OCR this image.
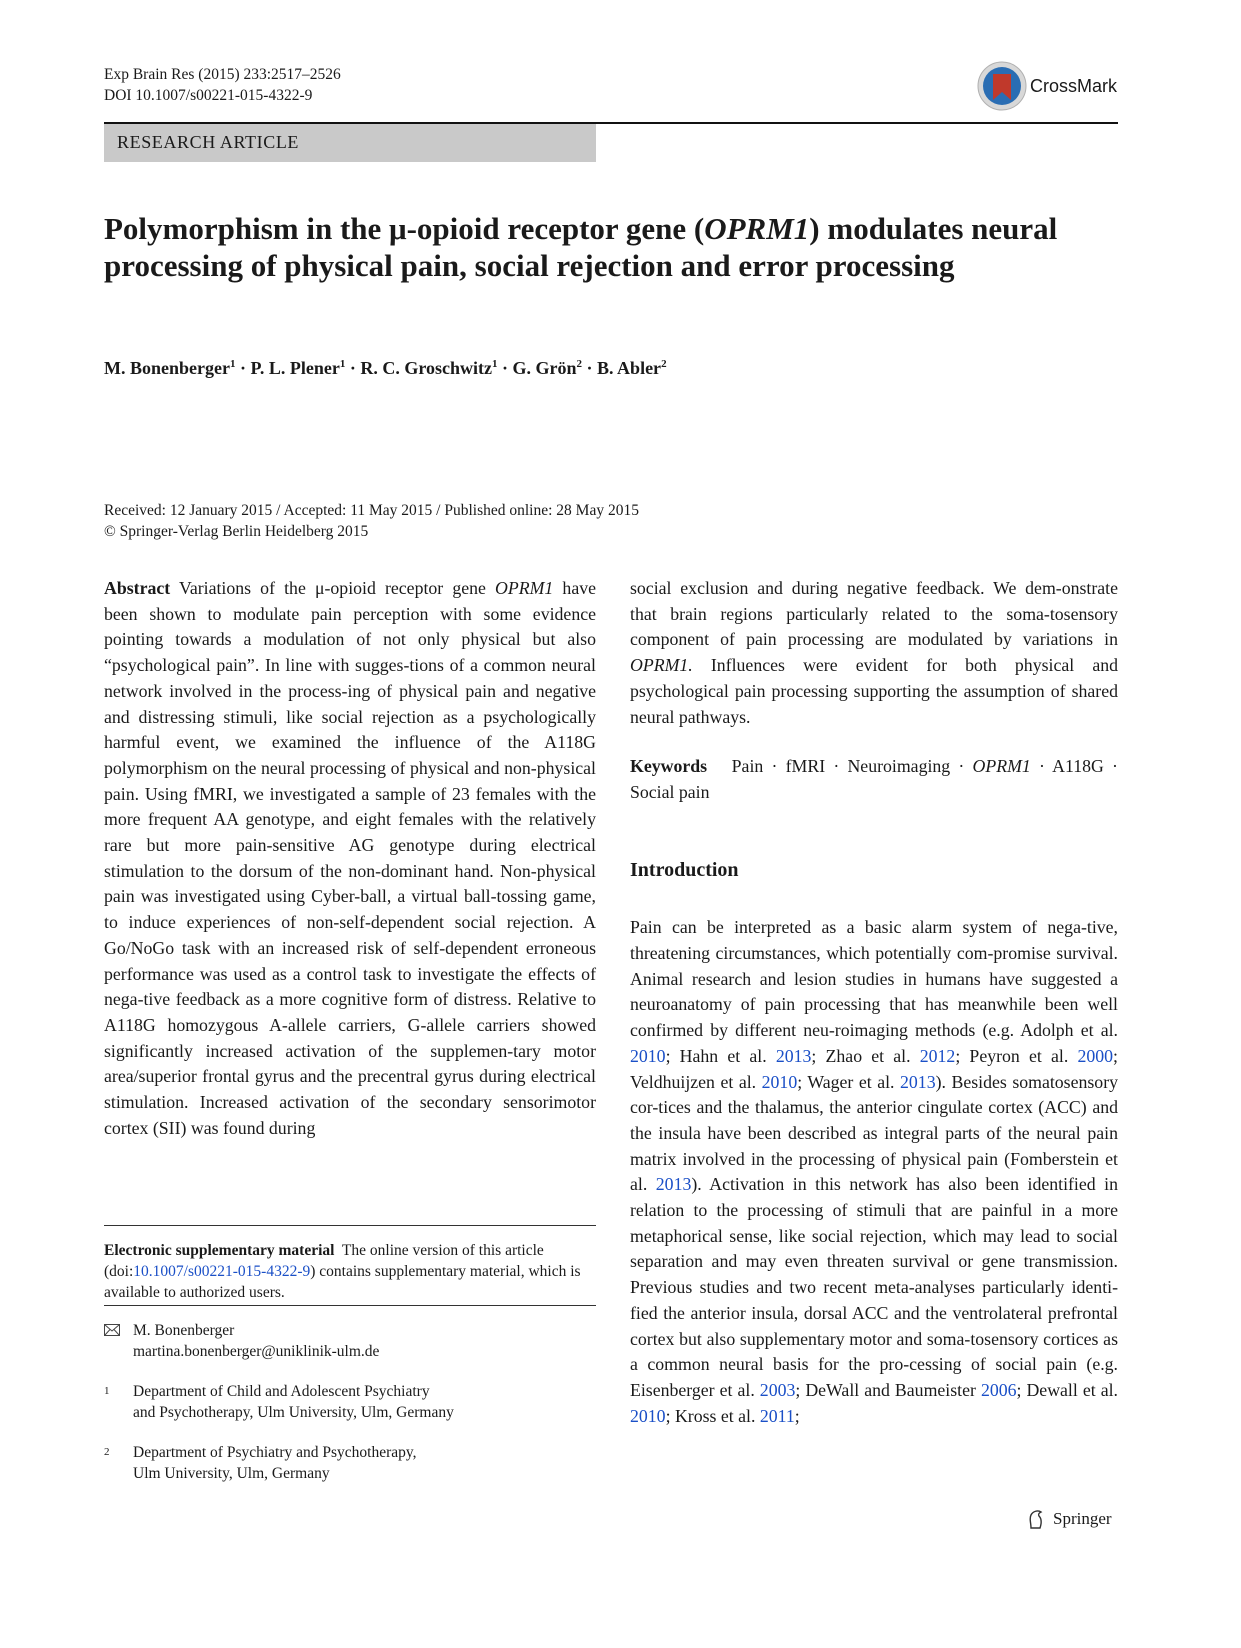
Exp Brain Res (2015) 233:2517–2526
DOI 10.1007/s00221-015-4322-9	CrossMark
RESEARCH ARTICLE
Polymorphism in the μ-opioid receptor gene (OPRM1) modulates neural processing of physical pain, social rejection and error processing
M. Bonenberger$^1$ · P. L. Plener$^1$ · R. C. Groschwitz$^1$ · G. Grön$^2$ · B. Abler$^2$
Received: 12 January 2015 / Accepted: 11 May 2015 / Published online: 28 May 2015
© Springer-Verlag Berlin Heidelberg 2015

Abstract Variations of the μ-opioid receptor gene OPRM1 have been shown to modulate pain perception with some evidence pointing towards a modulation of not only physical but also “psychological pain”. In line with sugges-tions of a common neural network involved in the process-ing of physical pain and negative and distressing stimuli, like social rejection as a psychologically harmful event, we examined the influence of the A118G polymorphism on the neural processing of physical and non-physical pain. Using fMRI, we investigated a sample of 23 females with the more frequent AA genotype, and eight females with the relatively rare but more pain-sensitive AG genotype during electrical stimulation to the dorsum of the non-dominant hand. Non-physical pain was investigated using Cyber-ball, a virtual ball-tossing game, to induce experiences of non-self-dependent social rejection. A Go/NoGo task with an increased risk of self-dependent erroneous performance was used as a control task to investigate the effects of nega-tive feedback as a more cognitive form of distress. Relative to A118G homozygous A-allele carriers, G-allele carriers showed significantly increased activation of the supplemen-tary motor area/superior frontal gyrus and the precentral gyrus during electrical stimulation. Increased activation of the secondary sensorimotor cortex (SII) was found during

social exclusion and during negative feedback. We dem-onstrate that brain regions particularly related to the soma-tosensory component of pain processing are modulated by variations in OPRM1. Influences were evident for both physical and psychological pain processing supporting the assumption of shared neural pathways.

Keywords Pain · fMRI · Neuroimaging · OPRM1 · A118G · Social pain

Introduction

Pain can be interpreted as a basic alarm system of nega-tive, threatening circumstances, which potentially com-promise survival. Animal research and lesion studies in humans have suggested a neuroanatomy of pain processing that has meanwhile been well confirmed by different neu-roimaging methods (e.g. Adolph et al. 2010; Hahn et al. 2013; Zhao et al. 2012; Peyron et al. 2000; Veldhuijzen et al. 2010; Wager et al. 2013). Besides somatosensory cor-tices and the thalamus, the anterior cingulate cortex (ACC) and the insula have been described as integral parts of the neural pain matrix involved in the processing of physical pain (Fomberstein et al. 2013). Activation in this network has also been identified in relation to the processing of stimuli that are painful in a more metaphorical sense, like social rejection, which may lead to social separation and may even threaten survival or gene transmission. Previous studies and two recent meta-analyses particularly identi-fied the anterior insula, dorsal ACC and the ventrolateral prefrontal cortex but also supplementary motor and soma-tosensory cortices as a common neural basis for the pro-cessing of social pain (e.g. Eisenberger et al. 2003; DeWall and Baumeister 2006; Dewall et al. 2010; Kross et al. 2011;

Electronic supplementary material  The online version of this article (doi:10.1007/s00221-015-4322-9) contains supplementary material, which is available to authorized users.
M. Bonenberger
martina.bonenberger@uniklinik-ulm.de
1	Department of Child and Adolescent Psychiatry
and Psychotherapy, Ulm University, Ulm, Germany
2	Department of Psychiatry and Psychotherapy,
Ulm University, Ulm, Germany
Springer
